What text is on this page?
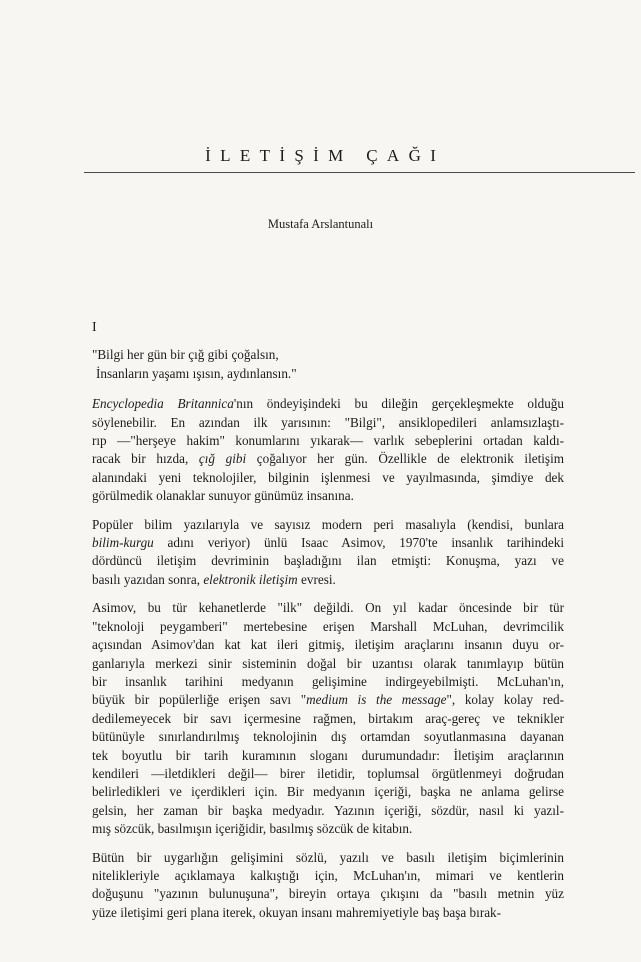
İLETİŞİM ÇAĞI
Mustafa Arslantunalı
I
"Bilgi her gün bir çığ gibi çoğalsın,
İnsanların yaşamı ışısın, aydınlansın."
Encyclopedia Britannica'nın öndeyişindeki bu dileğin gerçekleşmekte olduğu
söylenebilir. En azından ilk yarısının: "Bilgi", ansiklopedileri anlamsızlaştı-
rıp —"herşeye hakim" konumlarını yıkarak— varlık sebeplerini ortadan kaldı-
racak bir hızda, çığ gibi çoğalıyor her gün. Özellikle de elektronik iletişim
alanındaki yeni teknolojiler, bilginin işlenmesi ve yayılmasında, şimdiye dek
görülmedik olanaklar sunuyor günümüz insanına.
Popüler bilim yazılarıyla ve sayısız modern peri masalıyla (kendisi, bunlara
bilim-kurgu adını veriyor) ünlü Isaac Asimov, 1970'te insanlık tarihindeki
dördüncü iletişim devriminin başladığını ilan etmişti: Konuşma, yazı ve
basılı yazıdan sonra, elektronik iletişim evresi.
Asimov, bu tür kehanetlerde "ilk" değildi. On yıl kadar öncesinde bir tür
"teknoloji peygamberi" mertebesine erişen Marshall McLuhan, devrimcilik
açısından Asimov'dan kat kat ileri gitmiş, iletişim araçlarını insanın duyu or-
ganlarıyla merkezi sinir sisteminin doğal bir uzantısı olarak tanımlayıp bütün
bir insanlık tarihini medyanın gelişimine indirgeyebilmişti. McLuhan'ın,
büyük bir popülerliğe erişen savı "medium is the message", kolay kolay red-
dedilemeyecek bir savı içermesine rağmen, birtakım araç-gereç ve teknikler
bütünüyle sınırlandırılmış teknolojinin dış ortamdan soyutlanmasına dayanan
tek boyutlu bir tarih kuramının sloganı durumundadır: İletişim araçlarının
kendileri —iletdikleri değil— birer iletidir, toplumsal örgütlenmeyi doğrudan
belirledikleri ve içerdikleri için. Bir medyanın içeriği, başka ne anlama gelirse
gelsin, her zaman bir başka medyadır. Yazının içeriği, sözdür, nasıl ki yazıl-
mış sözcük, basılmışın içeriğidir, basılmış sözcük de kitabın.
Bütün bir uygarlığın gelişimini sözlü, yazılı ve basılı iletişim biçimlerinin
nitelikleriyle açıklamaya kalkıştığı için, McLuhan'ın, mimari ve kentlerin
doğuşunu "yazının bulunuşuna", bireyin ortaya çıkışını da "basılı metnin yüz
yüze iletişimi geri plana iterek, okuyan insanı mahremiyetiyle baş başa bırak-
